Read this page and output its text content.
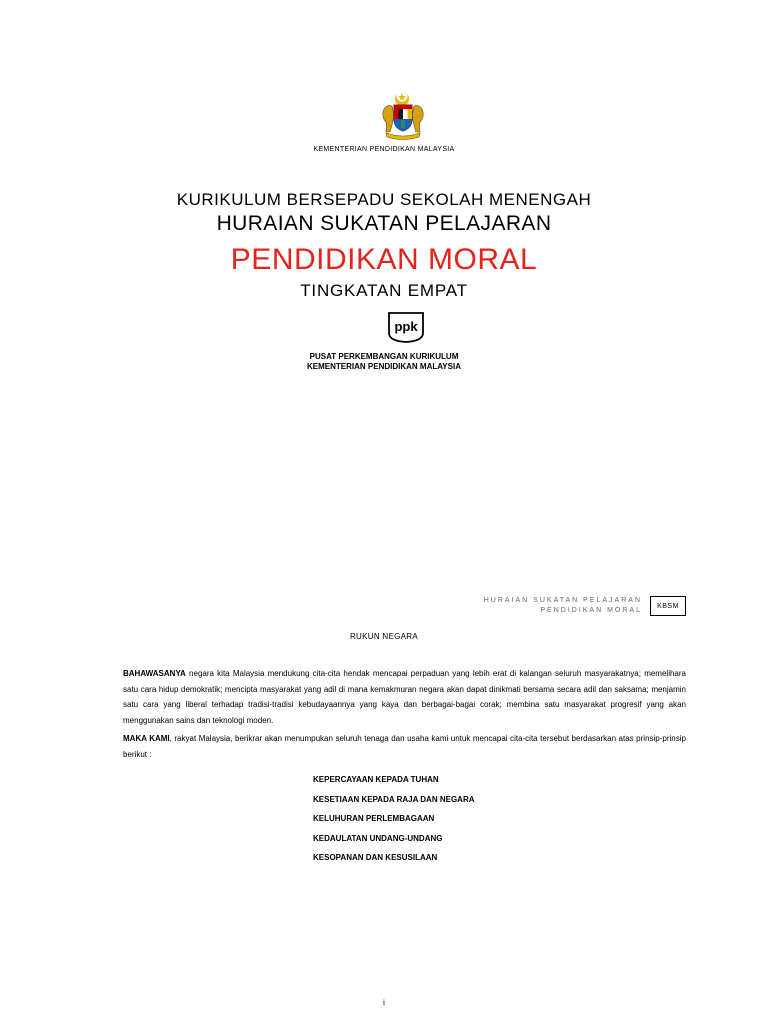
KEMENTERIAN PENDIDIKAN MALAYSIA
KURIKULUM BERSEPADU SEKOLAH MENENGAH
HURAIAN SUKATAN PELAJARAN
PENDIDIKAN MORAL
TINGKATAN EMPAT
ppk
PUSAT PERKEMBANGAN KURIKULUM
KEMENTERIAN PENDIDIKAN MALAYSIA
HURAIAN SUKATAN PELAJARAN
PENDIDIKAN MORAL
KBSM
RUKUN NEGARA
BAHAWASANYA negara kita Malaysia mendukung cita-cita hendak mencapai perpaduan yang lebih erat di kalangan seluruh masyarakatnya; memelihara satu cara hidup demokratik; mencipta masyarakat yang adil di mana kemakmuran negara akan dapat dinikmati bersama secara adil dan saksama; menjamin satu cara yang liberal terhadap tradisi-tradisi kebudayaannya yang kaya dan berbagai-bagai corak; membina satu masyarakat progresif yang akan menggunakan sains dan teknologi moden.
MAKA KAMI, rakyat Malaysia, berikrar akan menumpukan seluruh tenaga dan usaha kami untuk mencapai cita-cita tersebut berdasarkan atas prinsip-prinsip berikut :
KEPERCAYAAN KEPADA TUHAN
KESETIAAN KEPADA RAJA DAN NEGARA
KELUHURAN PERLEMBAGAAN
KEDAULATAN UNDANG-UNDANG
KESOPANAN DAN KESUSILAAN
i
